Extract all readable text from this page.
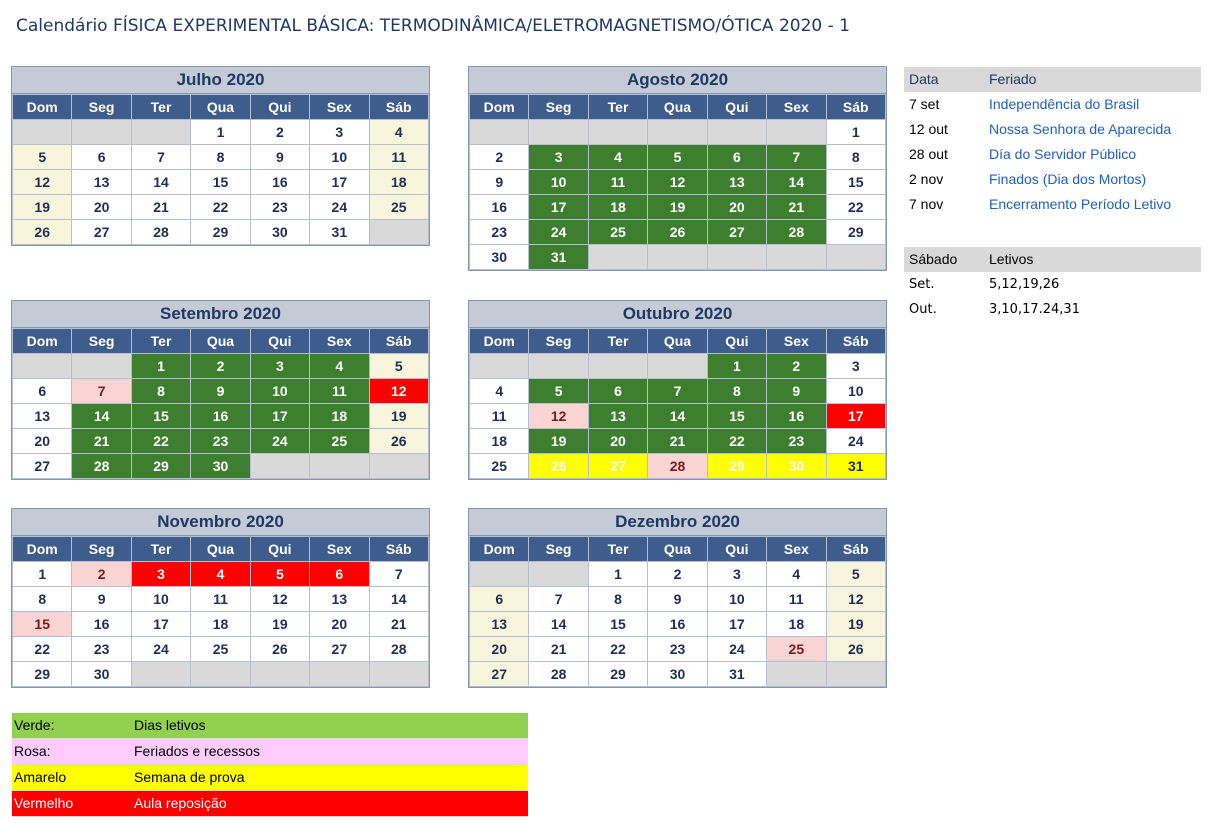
Calendário FÍSICA EXPERIMENTAL BÁSICA: TERMODINÂMICA/ELETROMAGNETISMO/ÓTICA 2020 - 1
Julho 2020
Dom	Seg	Ter	Qua	Qui	Sex	Sáb
			1	2	3	4
5	6	7	8	9	10	11
12	13	14	15	16	17	18
19	20	21	22	23	24	25
26	27	28	29	30	31	
Agosto 2020
Dom	Seg	Ter	Qua	Qui	Sex	Sáb
						1
2	3	4	5	6	7	8
9	10	11	12	13	14	15
16	17	18	19	20	21	22
23	24	25	26	27	28	29
30	31					
Setembro 2020
Dom	Seg	Ter	Qua	Qui	Sex	Sáb
		1	2	3	4	5
6	7	8	9	10	11	12
13	14	15	16	17	18	19
20	21	22	23	24	25	26
27	28	29	30			
Outubro 2020
Dom	Seg	Ter	Qua	Qui	Sex	Sáb
				1	2	3
4	5	6	7	8	9	10
11	12	13	14	15	16	17
18	19	20	21	22	23	24
25	26	27	28	29	30	31
Novembro 2020
Dom	Seg	Ter	Qua	Qui	Sex	Sáb
1	2	3	4	5	6	7
8	9	10	11	12	13	14
15	16	17	18	19	20	21
22	23	24	25	26	27	28
29	30					
Dezembro 2020
Dom	Seg	Ter	Qua	Qui	Sex	Sáb
		1	2	3	4	5
6	7	8	9	10	11	12
13	14	15	16	17	18	19
20	21	22	23	24	25	26
27	28	29	30	31		
Data	Feriado
7 set	Independência do Brasil
12 out	Nossa Senhora de Aparecida
28 out	Día do Servidor Público
2 nov	Finados (Dia dos Mortos)
7 nov	Encerramento Período Letivo
Sábado	Letivos
Set.	5,12,19,26
Out.	3,10,17.24,31
Verde:	Dias letivos
Rosa:	Feriados e recessos
Amarelo	Semana de prova
Vermelho	Aula reposição
